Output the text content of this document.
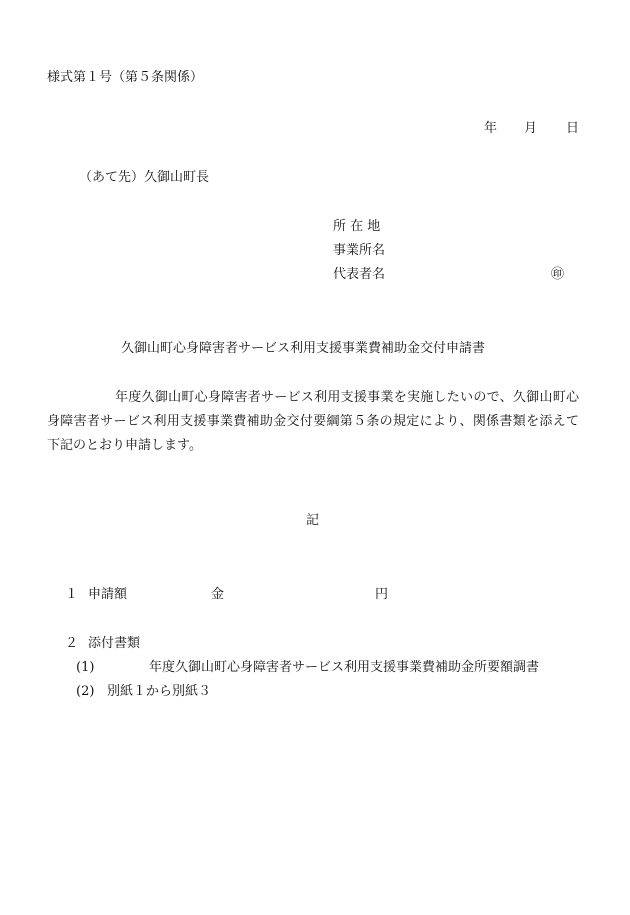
様式第１号（第５条関係）
年 月 日
（あて先）久御山町長
所 在 地
事業所名
代表者名	㊞
久御山町心身障害者サービス利用支援事業費補助金交付申請書
年度久御山町心身障害者サービス利用支援事業を実施したいので、久御山町心身障害者サービス利用支援事業費補助金交付要綱第５条の規定により、関係書類を添えて下記のとおり申請します。
記
１ 申請額	金	円
２ 添付書類
(1)	年度久御山町心身障害者サービス利用支援事業費補助金所要額調書
(2) 別紙１から別紙３
